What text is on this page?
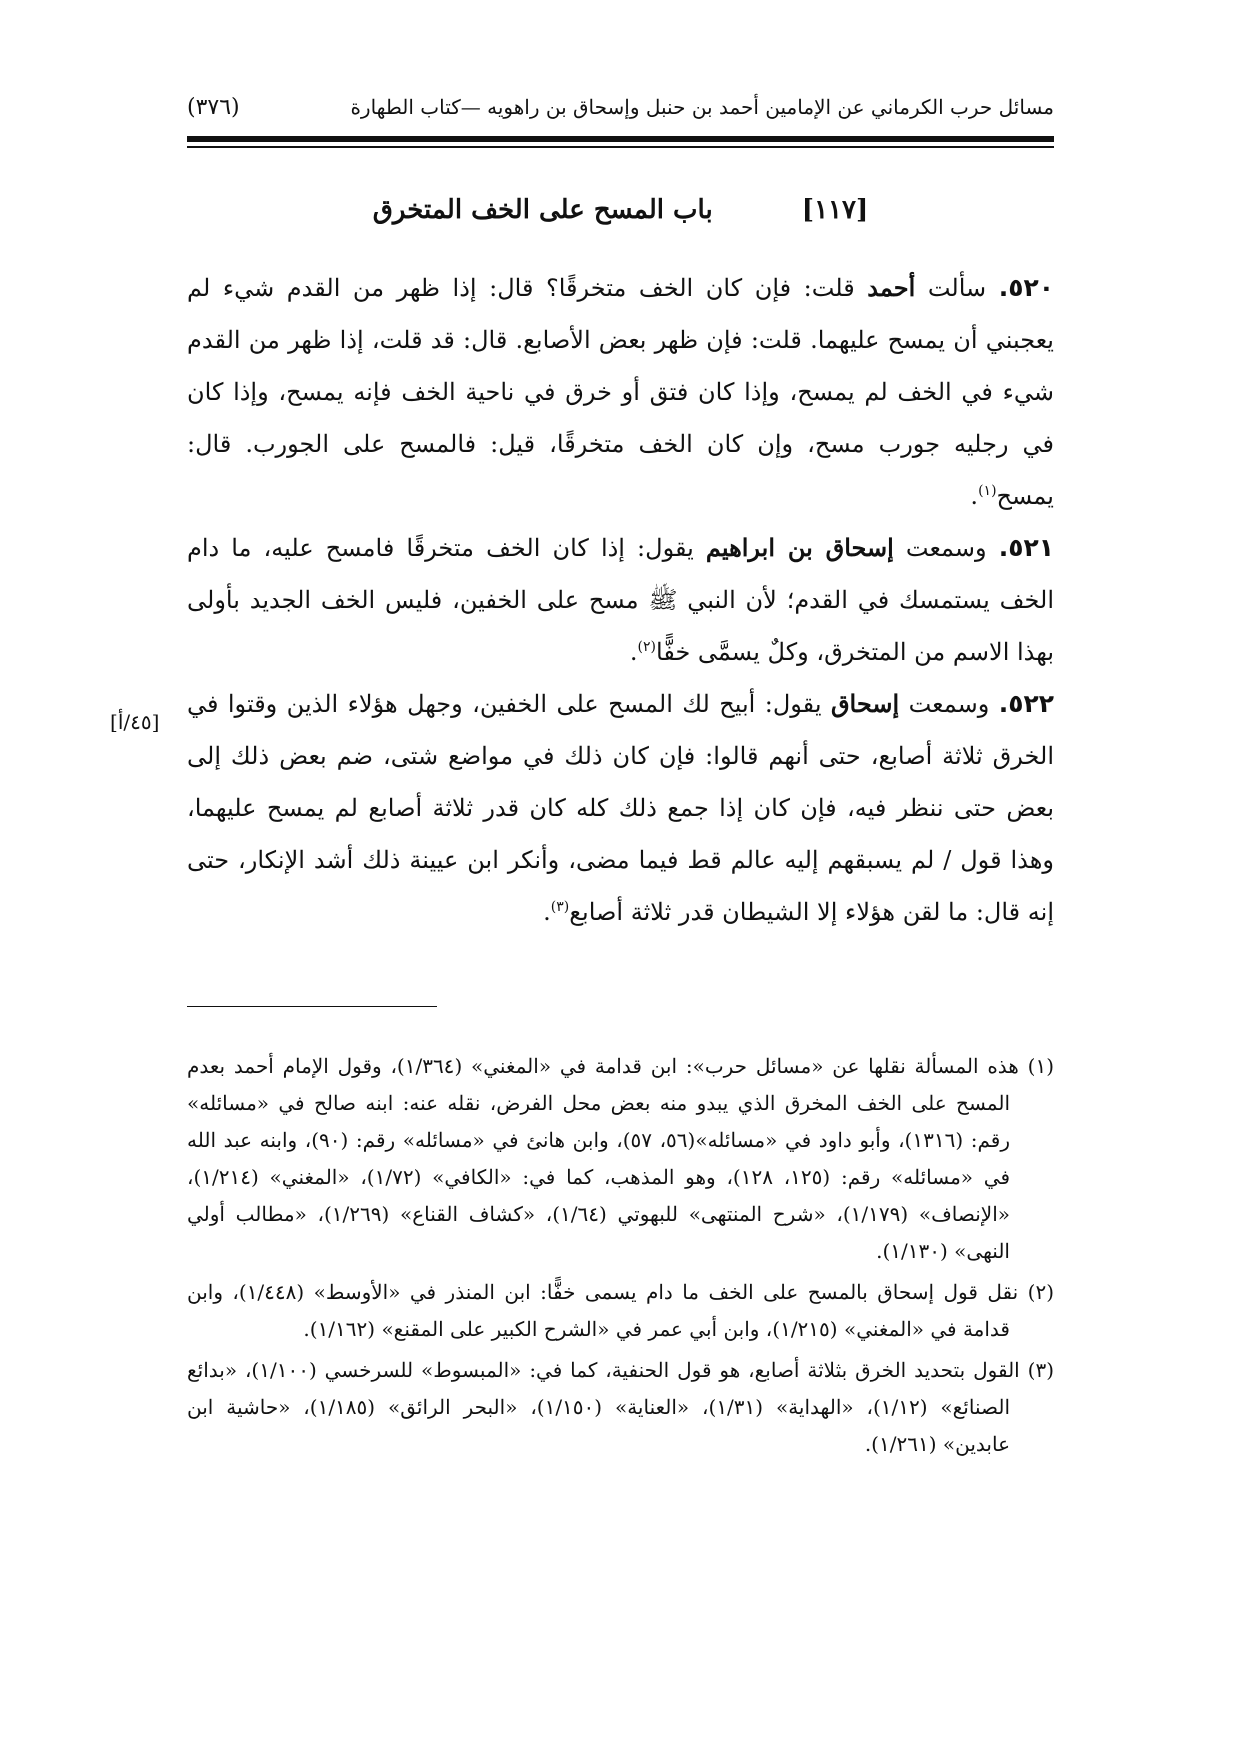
مسائل حرب الكرماني عن الإمامين أحمد بن حنبل وإسحاق بن راهويه —كتاب الطهارة
(٣٧٦)
[١١٧] باب المسح على الخف المتخرق

٥٢٠. سألت أحمد قلت: فإن كان الخف متخرقًا؟ قال: إذا ظهر من القدم شيء لم يعجبني أن يمسح عليهما. قلت: فإن ظهر بعض الأصابع. قال: قد قلت، إذا ظهر من القدم شيء في الخف لم يمسح، وإذا كان فتق أو خرق في ناحية الخف فإنه يمسح، وإذا كان في رجليه جورب مسح، وإن كان الخف متخرقًا، قيل: فالمسح على الجورب. قال: يمسح$^{(١)}$.

٥٢١. وسمعت إسحاق بن ابراهيم يقول: إذا كان الخف متخرقًا فامسح عليه، ما دام الخف يستمسك في القدم؛ لأن النبي ﷺ مسح على الخفين، فليس الخف الجديد بأولى بهذا الاسم من المتخرق، وكلٌ يسمَّى خفًّا$^{(٢)}$.

٥٢٢. وسمعت إسحاق يقول: أبيح لك المسح على الخفين، وجهل هؤلاء الذين وقتوا في الخرق ثلاثة أصابع، حتى أنهم قالوا: فإن كان ذلك في مواضع شتى، ضم بعض ذلك إلى بعض حتى ننظر فيه، فإن كان إذا جمع ذلك كله كان قدر ثلاثة أصابع لم يمسح عليهما، وهذا قول / لم يسبقهم إليه عالم قط فيما مضى، وأنكر ابن عيينة ذلك أشد الإنكار، حتى إنه قال: ما لقن هؤلاء إلا الشيطان قدر ثلاثة أصابع$^{(٣)}$.

[٤٥/أ]

(١) هذه المسألة نقلها عن «مسائل حرب»: ابن قدامة في «المغني» (١/٣٦٤)، وقول الإمام أحمد بعدم المسح على الخف المخرق الذي يبدو منه بعض محل الفرض، نقله عنه: ابنه صالح في «مسائله» رقم: (١٣١٦)، وأبو داود في «مسائله»(٥٦، ٥٧)، وابن هانئ في «مسائله» رقم: (٩٠)، وابنه عبد الله في «مسائله» رقم: (١٢٥، ١٢٨)، وهو المذهب، كما في: «الكافي» (١/٧٢)، «المغني» (١/٢١٤)، «الإنصاف» (١/١٧٩)، «شرح المنتهى» للبهوتي (١/٦٤)، «كشاف القناع» (١/٢٦٩)، «مطالب أولي النهى» (١/١٣٠).

(٢) نقل قول إسحاق بالمسح على الخف ما دام يسمى خفًّا: ابن المنذر في «الأوسط» (١/٤٤٨)، وابن قدامة في «المغني» (١/٢١٥)، وابن أبي عمر في «الشرح الكبير على المقنع» (١/١٦٢).

(٣) القول بتحديد الخرق بثلاثة أصابع، هو قول الحنفية، كما في: «المبسوط» للسرخسي (١/١٠٠)، «بدائع الصنائع» (١/١٢)، «الهداية» (١/٣١)، «العناية» (١/١٥٠)، «البحر الرائق» (١/١٨٥)، «حاشية ابن عابدين» (١/٢٦١).
